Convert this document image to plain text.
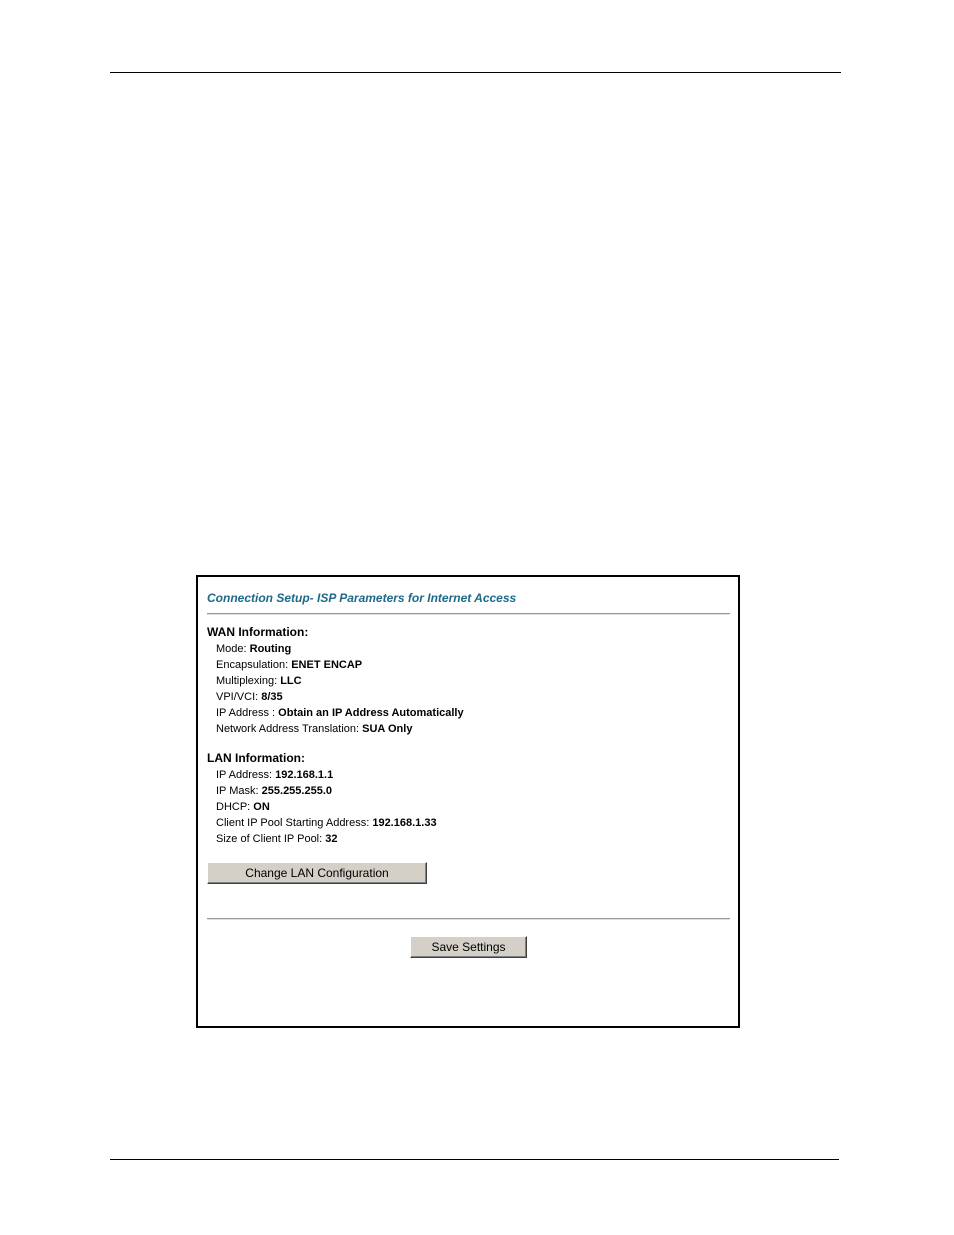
Connection Setup- ISP Parameters for Internet Access
WAN Information:
Mode: Routing
Encapsulation: ENET ENCAP
Multiplexing: LLC
VPI/VCI: 8/35
IP Address : Obtain an IP Address Automatically
Network Address Translation: SUA Only
LAN Information:
IP Address: 192.168.1.1
IP Mask: 255.255.255.0
DHCP: ON
Client IP Pool Starting Address: 192.168.1.33
Size of Client IP Pool: 32
Change LAN Configuration
Save Settings
